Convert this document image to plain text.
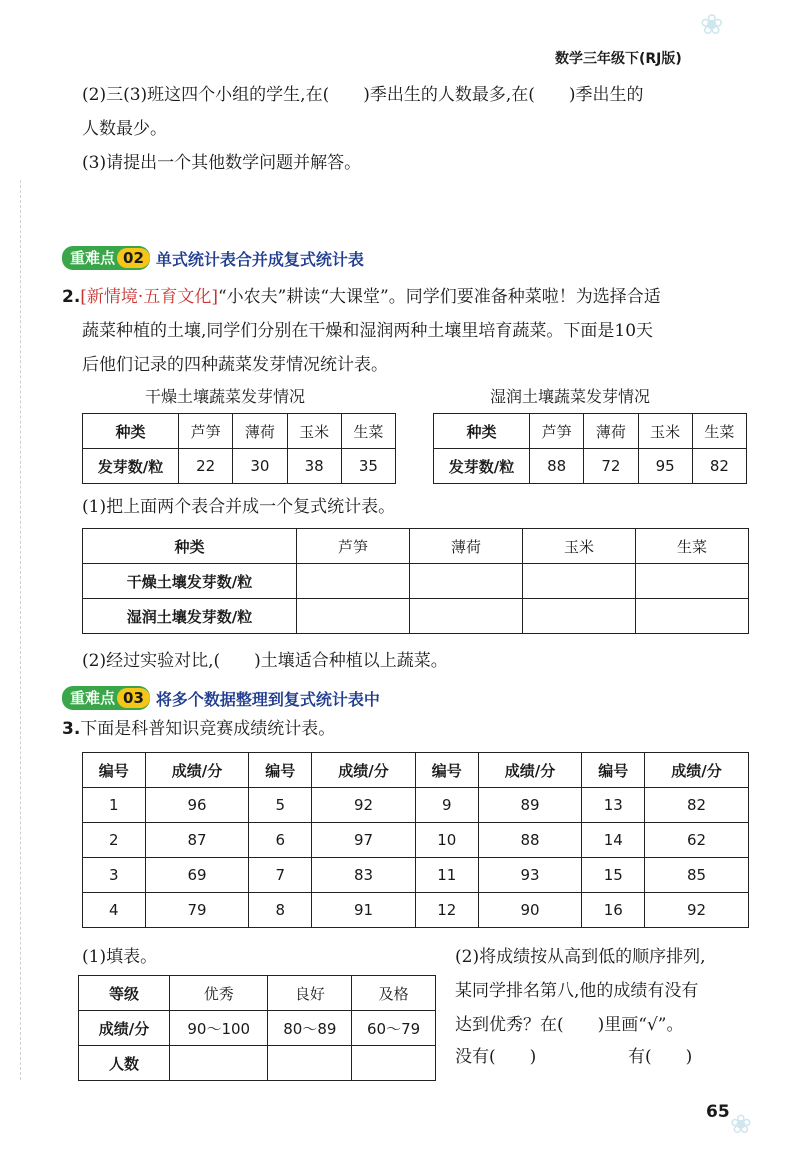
❀
❀
数学三年级下(RJ版)
(2)三(3)班这四个小组的学生,在(　　)季出生的人数最多,在(　　)季出生的
人数最少。
(3)请提出一个其他数学问题并解答。
重难点 02 单式统计表合并成复式统计表
2.[新情境·五育文化]“小农夫”耕读“大课堂”。同学们要准备种菜啦！为选择合适
蔬菜种植的土壤,同学们分别在干燥和湿润两种土壤里培育蔬菜。下面是10天
后他们记录的四种蔬菜发芽情况统计表。
干燥土壤蔬菜发芽情况
种类	芦笋	薄荷	玉米	生菜
发芽数/粒	22	30	38	35
湿润土壤蔬菜发芽情况
种类	芦笋	薄荷	玉米	生菜
发芽数/粒	88	72	95	82
(1)把上面两个表合并成一个复式统计表。
种类	芦笋	薄荷	玉米	生菜
干燥土壤发芽数/粒				
湿润土壤发芽数/粒				
(2)经过实验对比,(　　)土壤适合种植以上蔬菜。
重难点 03 将多个数据整理到复式统计表中
3.下面是科普知识竞赛成绩统计表。
编号	成绩/分	编号	成绩/分	编号	成绩/分	编号	成绩/分
1	96	5	92	9	89	13	82
2	87	6	97	10	88	14	62
3	69	7	83	11	93	15	85
4	79	8	91	12	90	16	92
(1)填表。
等级	优秀	良好	及格
成绩/分	90～100	80～89	60～79
人数			
(2)将成绩按从高到低的顺序排列,
某同学排名第八,他的成绩有没有
达到优秀？在(　　)里画“√”。
没有(　　)	有(　　)
65
